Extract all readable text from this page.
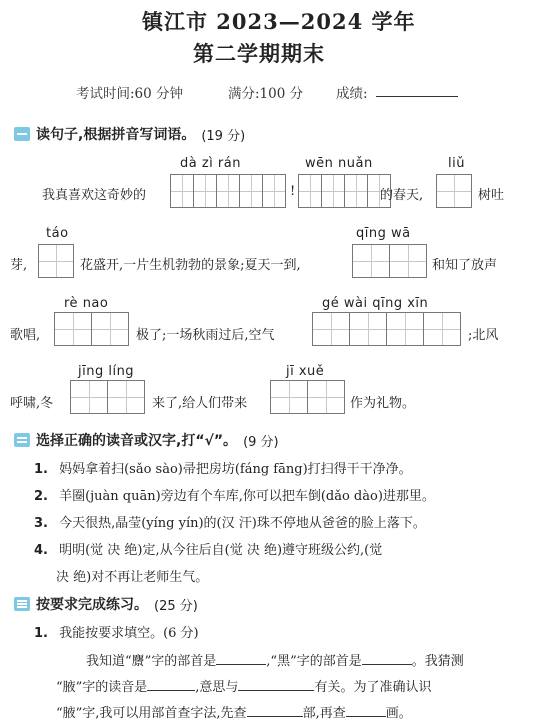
镇江市 2023—2024 学年
第二学期期末
考试时间:60 分钟	满分:100 分 成绩:
读句子,根据拼音写词语。 (19 分)
dà zì rán	wēn nuǎn	liǔ
我真喜欢这奇妙的	!	的春天,	树吐
táo	qīng wā
芽,	花盛开,一片生机勃勃的景象;夏天一到,	和知了放声
rè nao	gé wài qīng xīn
歌唱,	极了;一场秋雨过后,空气	;北风
jīng líng	jī xuě
呼啸,冬	来了,给人们带来	作为礼物。
选择正确的读音或汉字,打“√”。 (9 分)
1. 妈妈拿着扫(sǎo sào)帚把房坊(fáng fāng)打扫得干干净净。
2. 羊圈(juàn quān)旁边有个车库,你可以把车倒(dǎo dào)进那里。
3. 今天很热,晶莹(yíng yín)的(汉 汗)珠不停地从爸爸的脸上落下。
4. 明明(觉 决 绝)定,从今往后自(觉 决 绝)遵守班级公约,(觉
决 绝)对不再让老师生气。
按要求完成练习。 (25 分)
1. 我能按要求填空。(6 分)
我知道“麖”字的部首是	,“黑”字的部首是	。我猜测
“腋”字的读音是	,意思与	有关。为了准确认识
“腋”字,我可以用部首查字法,先查	部,再查	画。
